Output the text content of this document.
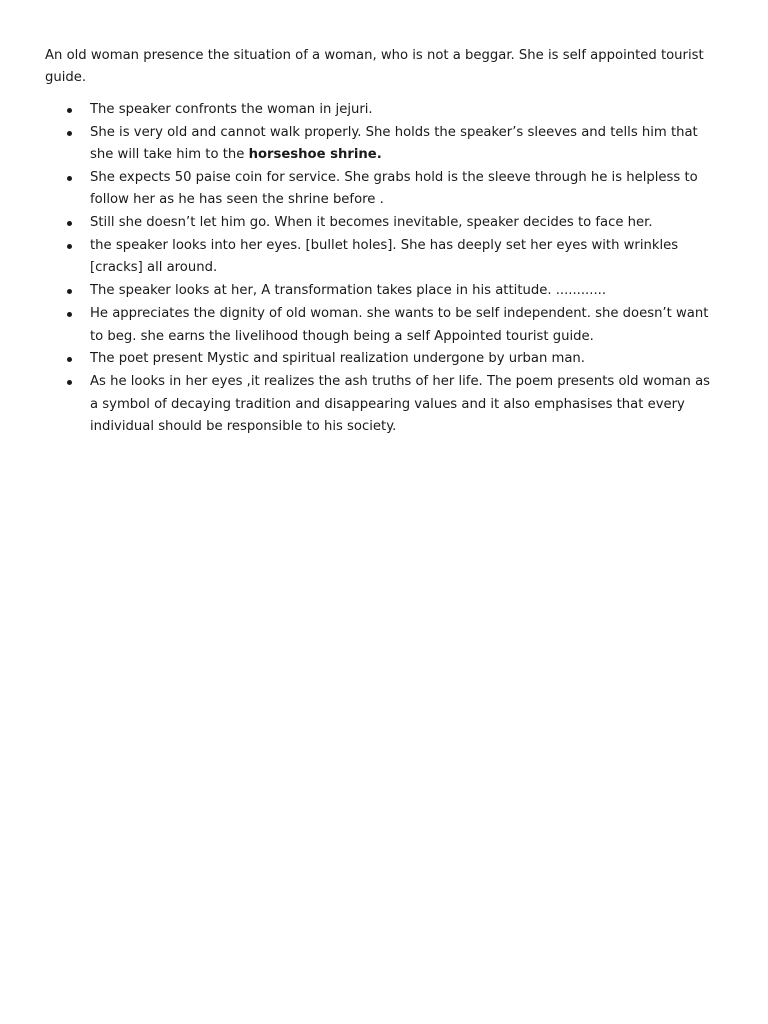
An old woman presence the situation of a woman, who is not a beggar. She is self appointed tourist guide.

The speaker confronts the woman in jejuri.
She is very old and cannot walk properly. She holds the speaker’s sleeves and tells him that she will take him to the horseshoe shrine.
She expects 50 paise coin for service. She grabs hold is the sleeve through he is helpless to follow her as he has seen the shrine before .
Still she doesn’t let him go. When it becomes inevitable, speaker decides to face her.
the speaker looks into her eyes. [bullet holes]. She has deeply set her eyes with wrinkles [cracks] all around.
The speaker looks at her, A transformation takes place in his attitude. ............
He appreciates the dignity of old woman. she wants to be self independent. she doesn’t want to beg. she earns the livelihood though being a self Appointed tourist guide.
The poet present Mystic and spiritual realization undergone by urban man.
As he looks in her eyes ,it realizes the ash truths of her life. The poem presents old woman as a symbol of decaying tradition and disappearing values and it also emphasises that every individual should be responsible to his society.
